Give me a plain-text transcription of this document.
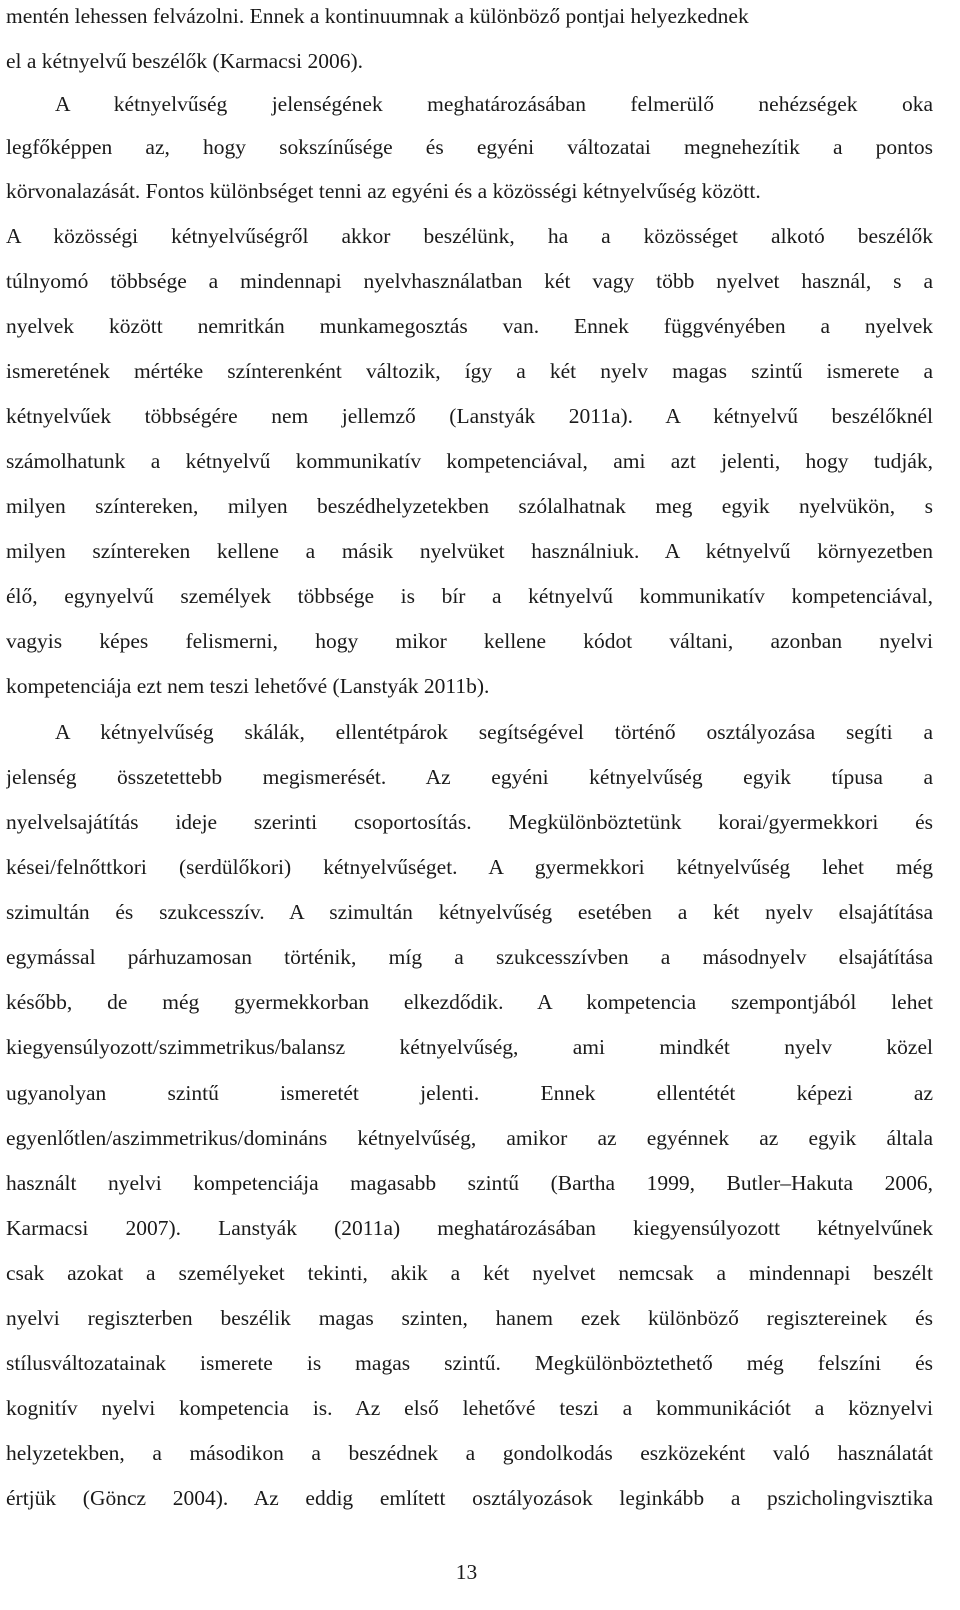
mentén lehessen felvázolni. Ennek a kontinuumnak a különböző pontjai helyezkednek
el a kétnyelvű beszélők (Karmacsi 2006).
A kétnyelvűség jelenségének meghatározásában felmerülő nehézségek oka
legfőképpen az, hogy sokszínűsége és egyéni változatai megnehezítik a pontos
körvonalazását. Fontos különbséget tenni az egyéni és a közösségi kétnyelvűség között.
A közösségi kétnyelvűségről akkor beszélünk, ha a közösséget alkotó beszélők
túlnyomó többsége a mindennapi nyelvhasználatban két vagy több nyelvet használ, s a
nyelvek között nemritkán munkamegosztás van. Ennek függvényében a nyelvek
ismeretének mértéke színterenként változik, így a két nyelv magas szintű ismerete a
kétnyelvűek többségére nem jellemző (Lanstyák 2011a). A kétnyelvű beszélőknél
számolhatunk a kétnyelvű kommunikatív kompetenciával, ami azt jelenti, hogy tudják,
milyen színtereken, milyen beszédhelyzetekben szólalhatnak meg egyik nyelvükön, s
milyen színtereken kellene a másik nyelvüket használniuk. A kétnyelvű környezetben
élő, egynyelvű személyek többsége is bír a kétnyelvű kommunikatív kompetenciával,
vagyis képes felismerni, hogy mikor kellene kódot váltani, azonban nyelvi
kompetenciája ezt nem teszi lehetővé (Lanstyák 2011b).
A kétnyelvűség skálák, ellentétpárok segítségével történő osztályozása segíti a
jelenség összetettebb megismerését. Az egyéni kétnyelvűség egyik típusa a
nyelvelsajátítás ideje szerinti csoportosítás. Megkülönböztetünk korai/gyermekkori és
kései/felnőttkori (serdülőkori) kétnyelvűséget. A gyermekkori kétnyelvűség lehet még
szimultán és szukcesszív. A szimultán kétnyelvűség esetében a két nyelv elsajátítása
egymással párhuzamosan történik, míg a szukcesszívben a másodnyelv elsajátítása
később, de még gyermekkorban elkezdődik. A kompetencia szempontjából lehet
kiegyensúlyozott/szimmetrikus/balansz kétnyelvűség, ami mindkét nyelv közel
ugyanolyan szintű ismeretét jelenti. Ennek ellentétét képezi az
egyenlőtlen/aszimmetrikus/domináns kétnyelvűség, amikor az egyénnek az egyik általa
használt nyelvi kompetenciája magasabb szintű (Bartha 1999, Butler–Hakuta 2006,
Karmacsi 2007). Lanstyák (2011a) meghatározásában kiegyensúlyozott kétnyelvűnek
csak azokat a személyeket tekinti, akik a két nyelvet nemcsak a mindennapi beszélt
nyelvi regiszterben beszélik magas szinten, hanem ezek különböző regisztereinek és
stílusváltozatainak ismerete is magas szintű. Megkülönböztethető még felszíni és
kognitív nyelvi kompetencia is. Az első lehetővé teszi a kommunikációt a köznyelvi
helyzetekben, a másodikon a beszédnek a gondolkodás eszközeként való használatát
értjük (Göncz 2004). Az eddig említett osztályozások leginkább a pszicholingvisztika
13
